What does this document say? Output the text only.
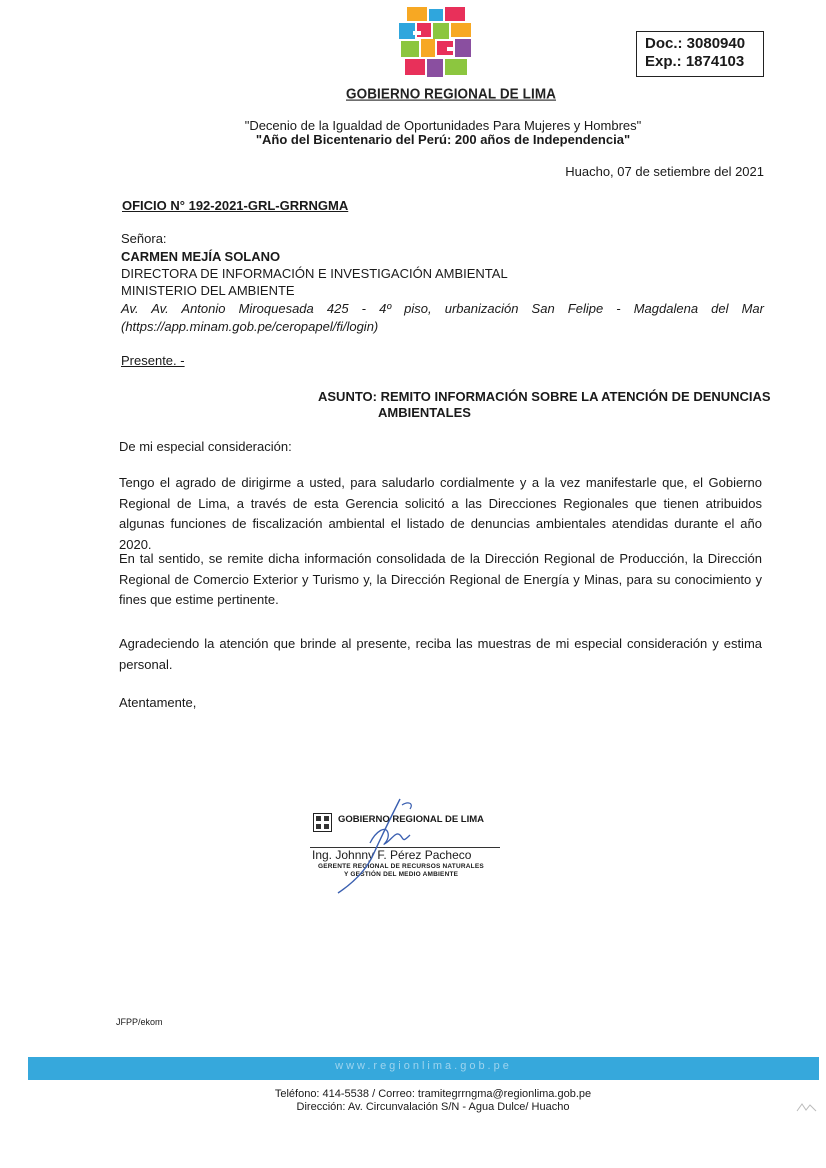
GOBIERNO REGIONAL DE LIMA
Doc.: 3080940
Exp.: 1874103
"Decenio de la Igualdad de Oportunidades Para Mujeres y Hombres"
"Año del Bicentenario del Perú: 200 años de Independencia"
Huacho, 07 de setiembre del 2021
OFICIO N° 192-2021-GRL-GRRNGMA
Señora:
CARMEN MEJÍA SOLANO
DIRECTORA DE INFORMACIÓN E INVESTIGACIÓN AMBIENTAL
MINISTERIO DEL AMBIENTE
Av. Av. Antonio Miroquesada 425 - 4º piso, urbanización San Felipe - Magdalena del Mar
(https://app.minam.gob.pe/ceropapel/fi/login)
Presente. -
ASUNTO: REMITO INFORMACIÓN SOBRE LA ATENCIÓN DE DENUNCIAS
AMBIENTALES
De mi especial consideración:
Tengo el agrado de dirigirme a usted, para saludarlo cordialmente y a la vez manifestarle que, el Gobierno Regional de Lima, a través de esta Gerencia solicitó a las Direcciones Regionales que tienen atribuidos algunas funciones de fiscalización ambiental el listado de denuncias ambientales atendidas durante el año 2020.
En tal sentido, se remite dicha información consolidada de la Dirección Regional de Producción, la Dirección Regional de Comercio Exterior y Turismo y, la Dirección Regional de Energía y Minas, para su conocimiento y fines que estime pertinente.
Agradeciendo la atención que brinde al presente, reciba las muestras de mi especial consideración y estima personal.
Atentamente,
GOBIERNO REGIONAL DE LIMA
Ing. Johnny F. Pérez Pacheco
GERENTE REGIONAL DE RECURSOS NATURALES
Y GESTIÓN DEL MEDIO AMBIENTE
JFPP/ekom
www.regionlima.gob.pe
Teléfono: 414-5538 / Correo: tramitegrrngma@regionlima.gob.pe
Dirección: Av. Circunvalación S/N - Agua Dulce/ Huacho
